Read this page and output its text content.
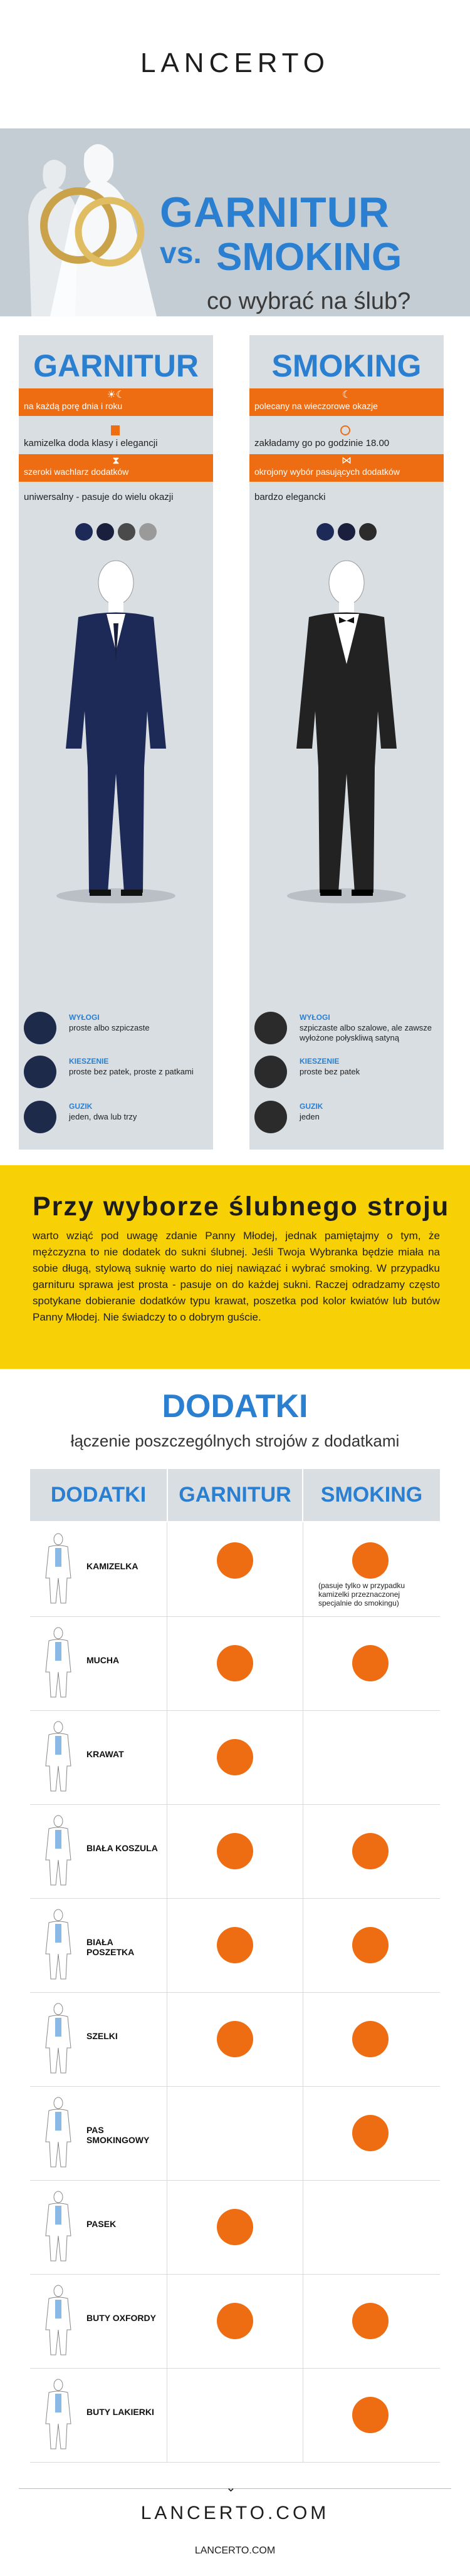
LANCERTO
GARNITUR
vs. SMOKING
co wybrać na ślub?
GARNITUR
☀☾
na każdą porę dnia i roku
kamizelka doda klasy i elegancji
⧗
szeroki wachlarz dodatków
uniwersalny - pasuje do wielu okazji
WYŁOGI
proste albo szpiczaste
KIESZENIE
proste bez patek, proste z patkami
GUZIK
jeden, dwa lub trzy
SMOKING
☾
polecany na wieczorowe okazje
zakładamy go po godzinie 18.00
⋈
okrojony wybór pasujących dodatków
bardzo elegancki
WYŁOGI
szpiczaste albo szalowe, ale zawsze wyłożone połyskliwą satyną
KIESZENIE
proste bez patek
GUZIK
jeden
Przy wyborze ślubnego stroju
warto wziąć pod uwagę zdanie Panny Młodej, jednak pamiętajmy o tym, że mężczyzna to nie dodatek do sukni ślubnej. Jeśli Twoja Wybranka będzie miała na sobie długą, stylową suknię warto do niej nawiązać i wybrać smoking. W przypadku garnituru sprawa jest prosta - pasuje on do każdej sukni. Raczej odradzamy często spotykane dobieranie dodatków typu krawat, poszetka pod kolor kwiatów lub butów Panny Młodej. Nie świadczy to o dobrym guście.
DODATKI
łączenie poszczególnych strojów z dodatkami
DODATKI	GARNITUR	SMOKING
KAMIZELKA
(pasuje tylko w przypadku kamizelki przeznaczonej specjalnie do smokingu)
MUCHA
KRAWAT
BIAŁA KOSZULA
BIAŁA POSZETKA
SZELKI
PAS SMOKINGOWY
PASEK
BUTY OXFORDY
BUTY LAKIERKI
⌄
LANCERTO.COM
LANCERTO.COM
